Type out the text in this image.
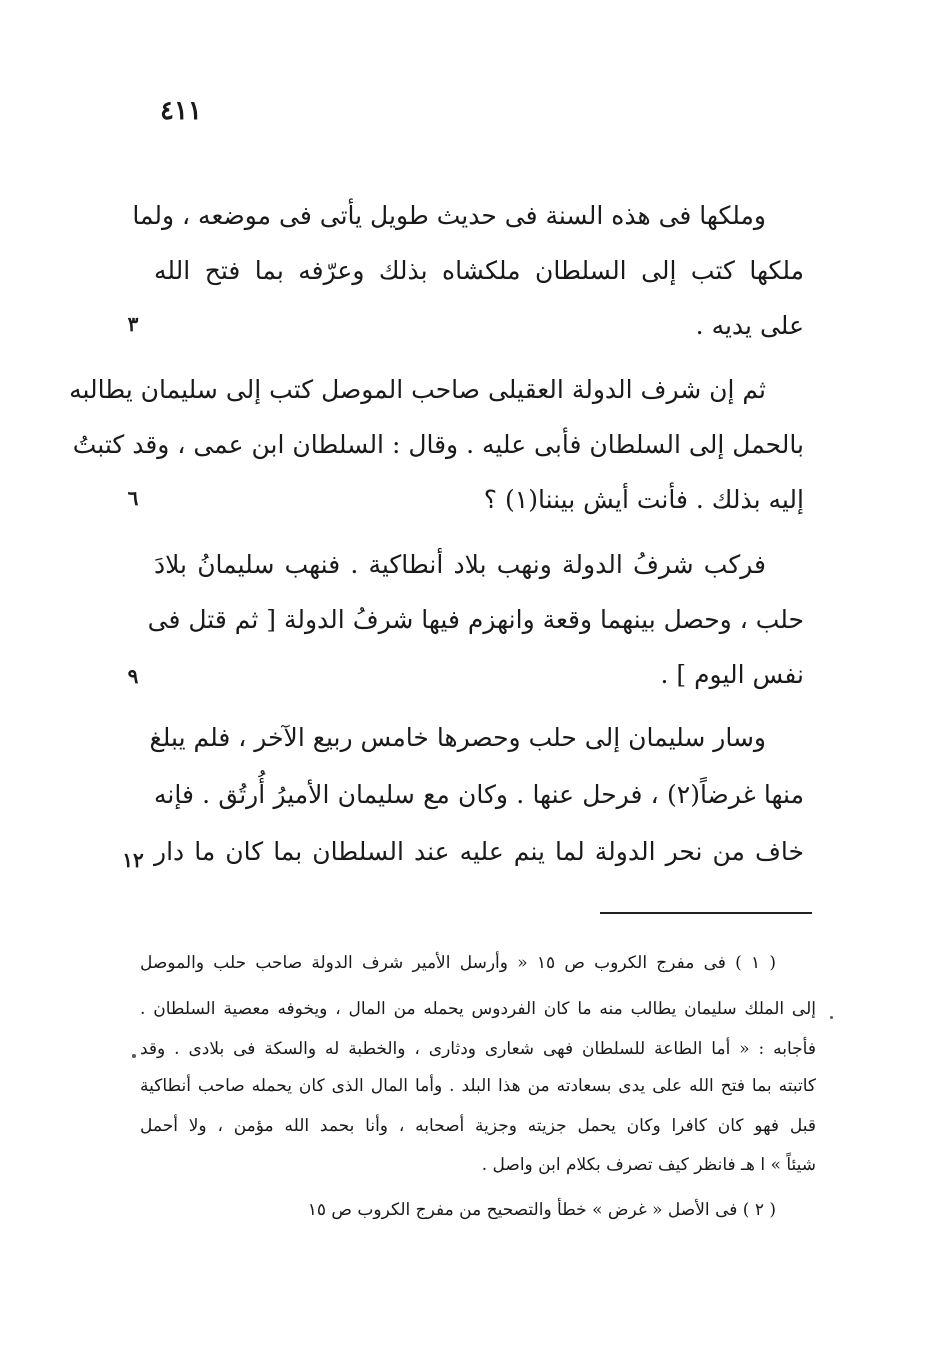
٤١١
وملكها فى هذه السنة فى حديث طويل يأتى فى موضعه ، ولما
ملكها كتب إلى السلطان ملكشاه بذلك وعرّفه بما فتح الله
على يديه .
٣
ثم إن شرف الدولة العقيلى صاحب الموصل كتب إلى سليمان يطالبه
بالحمل إلى السلطان فأبى عليه . وقال : السلطان ابن عمى ، وقد كتبتُ
إليه بذلك . فأنت أيش بيننا(١) ؟
٦
فركب شرفُ الدولة ونهب بلاد أنطاكية . فنهب سليمانُ بلادَ
حلب ، وحصل بينهما وقعة وانهزم فيها شرفُ الدولة [ ثم قتل فى
نفس اليوم ] .
٩
وسار سليمان إلى حلب وحصرها خامس ربيع الآخر ، فلم يبلغ
منها غرضاً(٢) ، فرحل عنها . وكان مع سليمان الأميرُ أُرتُق . فإنه
خاف من نحر الدولة لما ينم عليه عند السلطان بما كان ما دار
١٢
( ١ ) فى مفرج الكروب ص ١٥ « وأرسل الأمير شرف الدولة صاحب حلب والموصل
إلى الملك سليمان يطالب منه ما كان الفردوس يحمله من المال ، ويخوفه معصية السلطان .
فأجابه : « أما الطاعة للسلطان فهى شعارى ودثارى ، والخطبة له والسكة فى بلادى . وقد
كاتبته بما فتح الله على يدى بسعادته من هذا البلد . وأما المال الذى كان يحمله صاحب أنطاكية
قبل فهو كان كافرا وكان يحمل جزيته وجزية أصحابه ، وأنا بحمد الله مؤمن ، ولا أحمل
شيئاً » ا هـ فانظر كيف تصرف بكلام ابن واصل .
( ٢ ) فى الأصل « غرض » خطأ والتصحيح من مفرج الكروب ص ١٥
